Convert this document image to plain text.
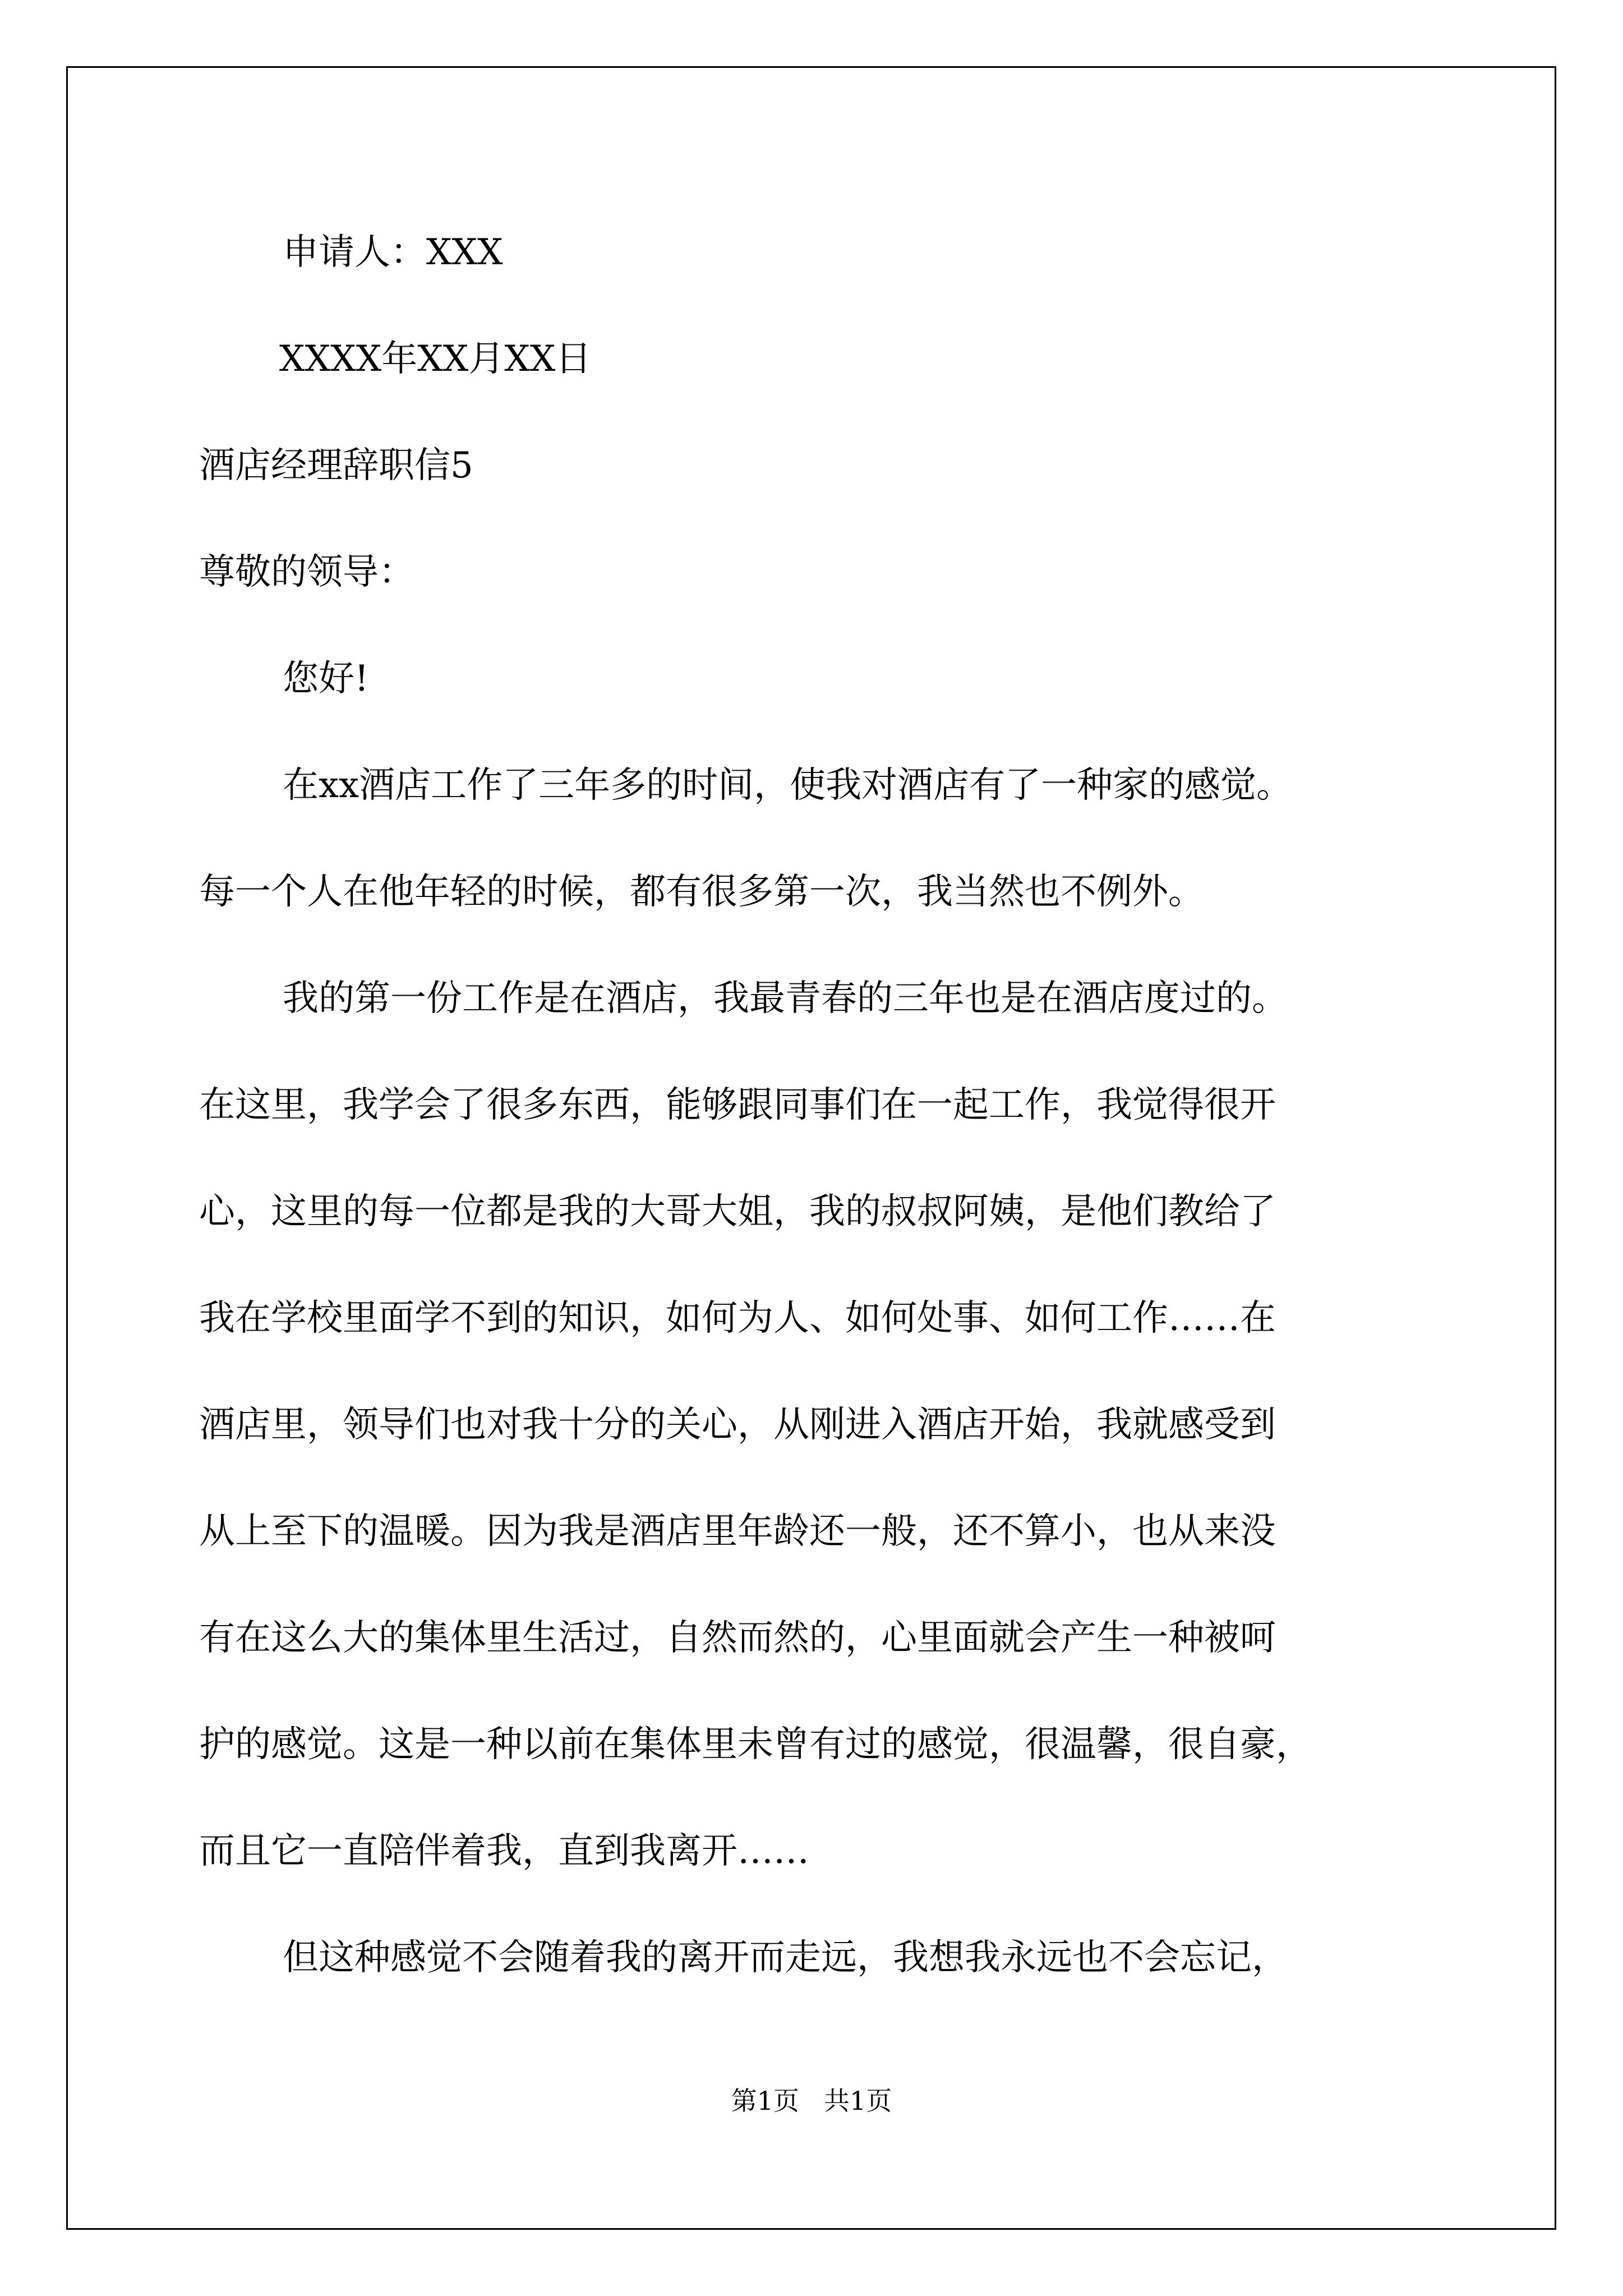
申请人：XXX

XXXX年XX月XX日

酒店经理辞职信5

尊敬的领导：

您好!

在xx酒店工作了三年多的时间，使我对酒店有了一种家的感觉。

每一个人在他年轻的时候，都有很多第一次，我当然也不例外。

我的第一份工作是在酒店，我最青春的三年也是在酒店度过的。

在这里，我学会了很多东西，能够跟同事们在一起工作，我觉得很开

心，这里的每一位都是我的大哥大姐，我的叔叔阿姨，是他们教给了

我在学校里面学不到的知识，如何为人、如何处事、如何工作……在

酒店里，领导们也对我十分的关心，从刚进入酒店开始，我就感受到

从上至下的温暖。因为我是酒店里年龄还一般，还不算小，也从来没

有在这么大的集体里生活过，自然而然的，心里面就会产生一种被呵

护的感觉。这是一种以前在集体里未曾有过的感觉，很温馨，很自豪，

而且它一直陪伴着我，直到我离开……

但这种感觉不会随着我的离开而走远，我想我永远也不会忘记，

第1页 共1页
